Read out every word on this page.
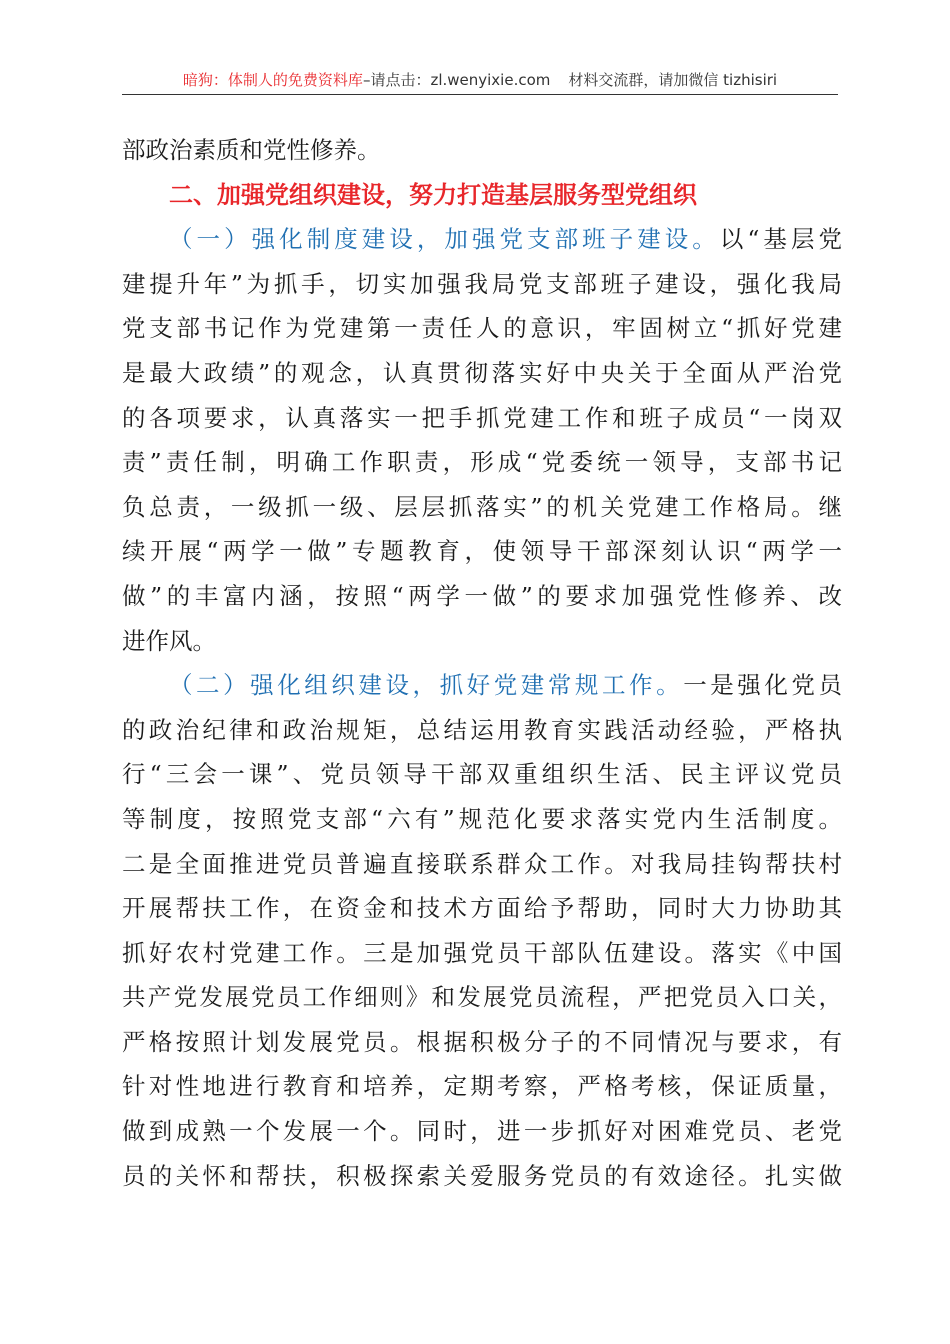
暗狗：体制人的免费资料库–请点击：zl.wenyixie.com 材料交流群，请加微信 tizhisiri
部政治素质和党性修养。
二、加强党组织建设，努力打造基层服务型党组织
（一）强化制度建设，加强党支部班子建设。以“基层党
建提升年”为抓手，切实加强我局党支部班子建设，强化我局
党支部书记作为党建第一责任人的意识，牢固树立“抓好党建
是最大政绩”的观念，认真贯彻落实好中央关于全面从严治党
的各项要求，认真落实一把手抓党建工作和班子成员“一岗双
责”责任制，明确工作职责，形成“党委统一领导，支部书记
负总责，一级抓一级、层层抓落实”的机关党建工作格局。继
续开展“两学一做”专题教育，使领导干部深刻认识“两学一
做”的丰富内涵，按照“两学一做”的要求加强党性修养、改
进作风。
（二）强化组织建设，抓好党建常规工作。一是强化党员
的政治纪律和政治规矩，总结运用教育实践活动经验，严格执
行“三会一课”、党员领导干部双重组织生活、民主评议党员
等制度，按照党支部“六有”规范化要求落实党内生活制度。
二是全面推进党员普遍直接联系群众工作。对我局挂钩帮扶村
开展帮扶工作，在资金和技术方面给予帮助，同时大力协助其
抓好农村党建工作。三是加强党员干部队伍建设。落实《中国
共产党发展党员工作细则》和发展党员流程，严把党员入口关，
严格按照计划发展党员。根据积极分子的不同情况与要求，有
针对性地进行教育和培养，定期考察，严格考核，保证质量，
做到成熟一个发展一个。同时，进一步抓好对困难党员、老党
员的关怀和帮扶，积极探索关爱服务党员的有效途径。扎实做
